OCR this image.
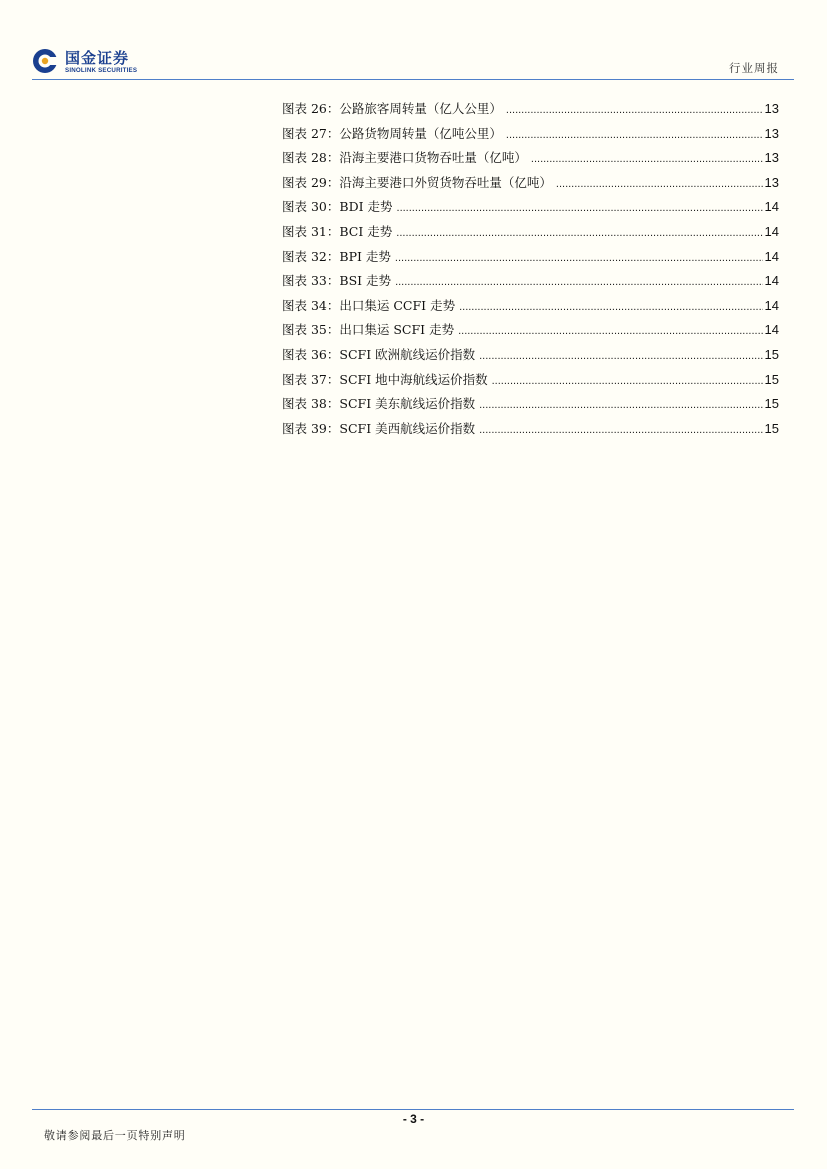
国金证券
SINOLINK SECURITIES	行业周报
图表 26： 公路旅客周转量（亿人公里） .....	13
图表 27： 公路货物周转量（亿吨公里） .....	13
图表 28： 沿海主要港口货物吞吐量（亿吨） .....	13
图表 29： 沿海主要港口外贸货物吞吐量（亿吨） .....	13
图表 30： BDI 走势 .....	14
图表 31： BCI 走势 .....	14
图表 32： BPI 走势 .....	14
图表 33： BSI 走势 .....	14
图表 34： 出口集运 CCFI 走势 .....	14
图表 35： 出口集运 SCFI 走势 .....	14
图表 36： SCFI 欧洲航线运价指数 .....	15
图表 37： SCFI 地中海航线运价指数 .....	15
图表 38： SCFI 美东航线运价指数 .....	15
图表 39： SCFI 美西航线运价指数 .....	15
- 3 -
敬请参阅最后一页特别声明
